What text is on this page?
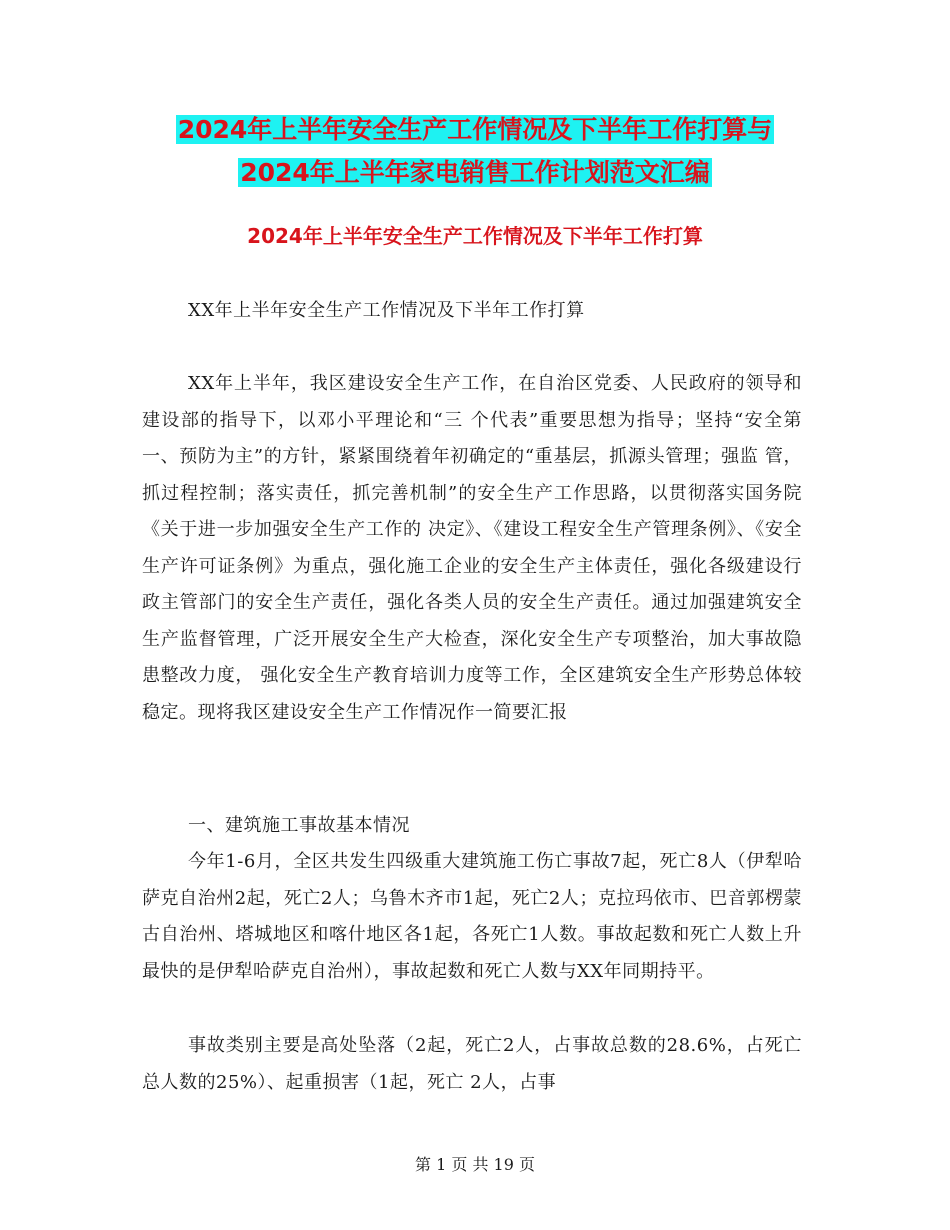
2024年上半年安全生产工作情况及下半年工作打算与
2024年上半年家电销售工作计划范文汇编
2024年上半年安全生产工作情况及下半年工作打算

XX年上半年安全生产工作情况及下半年工作打算

XX年上半年，我区建设安全生产工作，在自治区党委、人民政府的领导和建设部的指导下，以邓小平理论和“三 个代表”重要思想为指导；坚持“安全第一、预防为主”的方针，紧紧围绕着年初确定的“重基层，抓源头管理；强监 管，抓过程控制；落实责任，抓完善机制”的安全生产工作思路，以贯彻落实国务院《关于进一步加强安全生产工作的 决定》、《建设工程安全生产管理条例》、《安全生产许可证条例》为重点，强化施工企业的安全生产主体责任，强化各级建设行政主管部门的安全生产责任，强化各类人员的安全生产责任。通过加强建筑安全生产监督管理，广泛开展安全生产大检查，深化安全生产专项整治，加大事故隐患整改力度， 强化安全生产教育培训力度等工作，全区建筑安全生产形势总体较稳定。现将我区建设安全生产工作情况作一简要汇报

一、建筑施工事故基本情况

今年1-6月，全区共发生四级重大建筑施工伤亡事故7起，死亡8人（伊犁哈萨克自治州2起，死亡2人；乌鲁木齐市1起，死亡2人；克拉玛依市、巴音郭楞蒙古自治州、塔城地区和喀什地区各1起，各死亡1人数。事故起数和死亡人数上升最快的是伊犁哈萨克自治州），事故起数和死亡人数与XX年同期持平。

事故类别主要是高处坠落（2起，死亡2人，占事故总数的28.6%，占死亡总人数的25%）、起重损害（1起，死亡 2人，占事

第 1 页 共 19 页
